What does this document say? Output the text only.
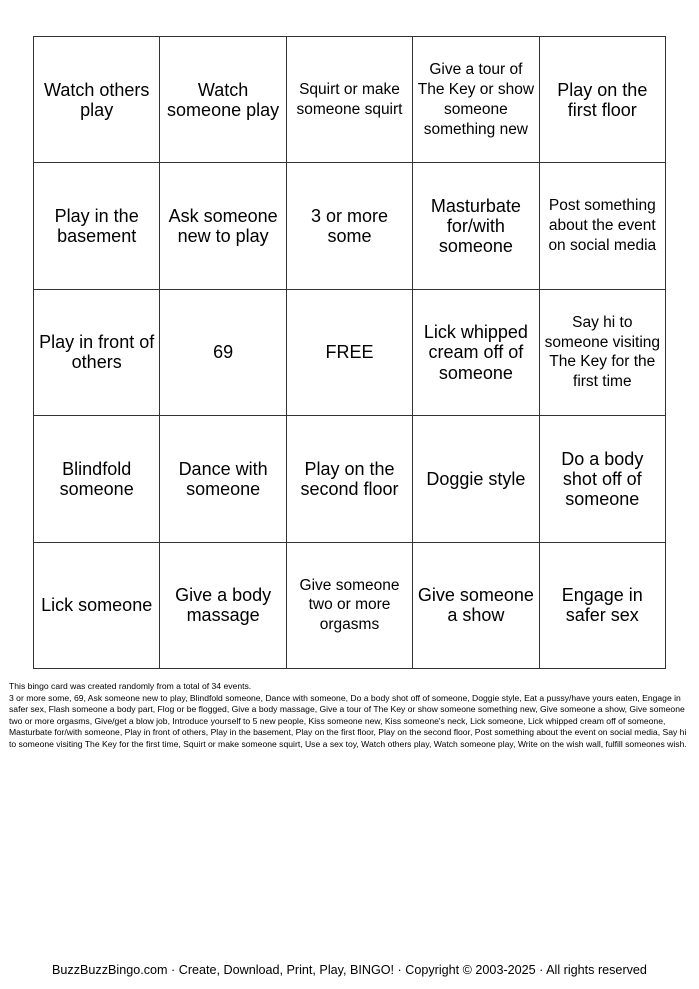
Watch others play
Watch someone play
Squirt or make someone squirt
Give a tour of The Key or show someone something new
Play on the first floor
Play in the basement
Ask someone new to play
3 or more some
Masturbate for/with someone
Post something about the event on social media
Play in front of others
69	FREE
Lick whipped cream off of someone
Say hi to someone visiting The Key for the first time
Blindfold someone
Dance with someone
Play on the second floor
Doggie style
Do a body shot off of someone
Lick someone
Give a body massage
Give someone two or more orgasms
Give someone a show
Engage in safer sex

This bingo card was created randomly from a total of 34 events.

3 or more some, 69, Ask someone new to play, Blindfold someone, Dance with someone, Do a body shot off of someone, Doggie style, Eat a pussy/have yours eaten, Engage in safer sex, Flash someone a body part, Flog or be flogged, Give a body massage, Give a tour of The Key or show someone something new, Give someone a show, Give someone two or more orgasms, Give/get a blow job, Introduce yourself to 5 new people, Kiss someone new, Kiss someone's neck, Lick someone, Lick whipped cream off of someone, Masturbate for/with someone, Play in front of others, Play in the basement, Play on the first floor, Play on the second floor, Post something about the event on social media, Say hi to someone visiting The Key for the first time, Squirt or make someone squirt, Use a sex toy, Watch others play, Watch someone play, Write on the wish wall, fulfill someones wish.

BuzzBuzzBingo.com · Create, Download, Print, Play, BINGO! · Copyright © 2003-2025 · All rights reserved
